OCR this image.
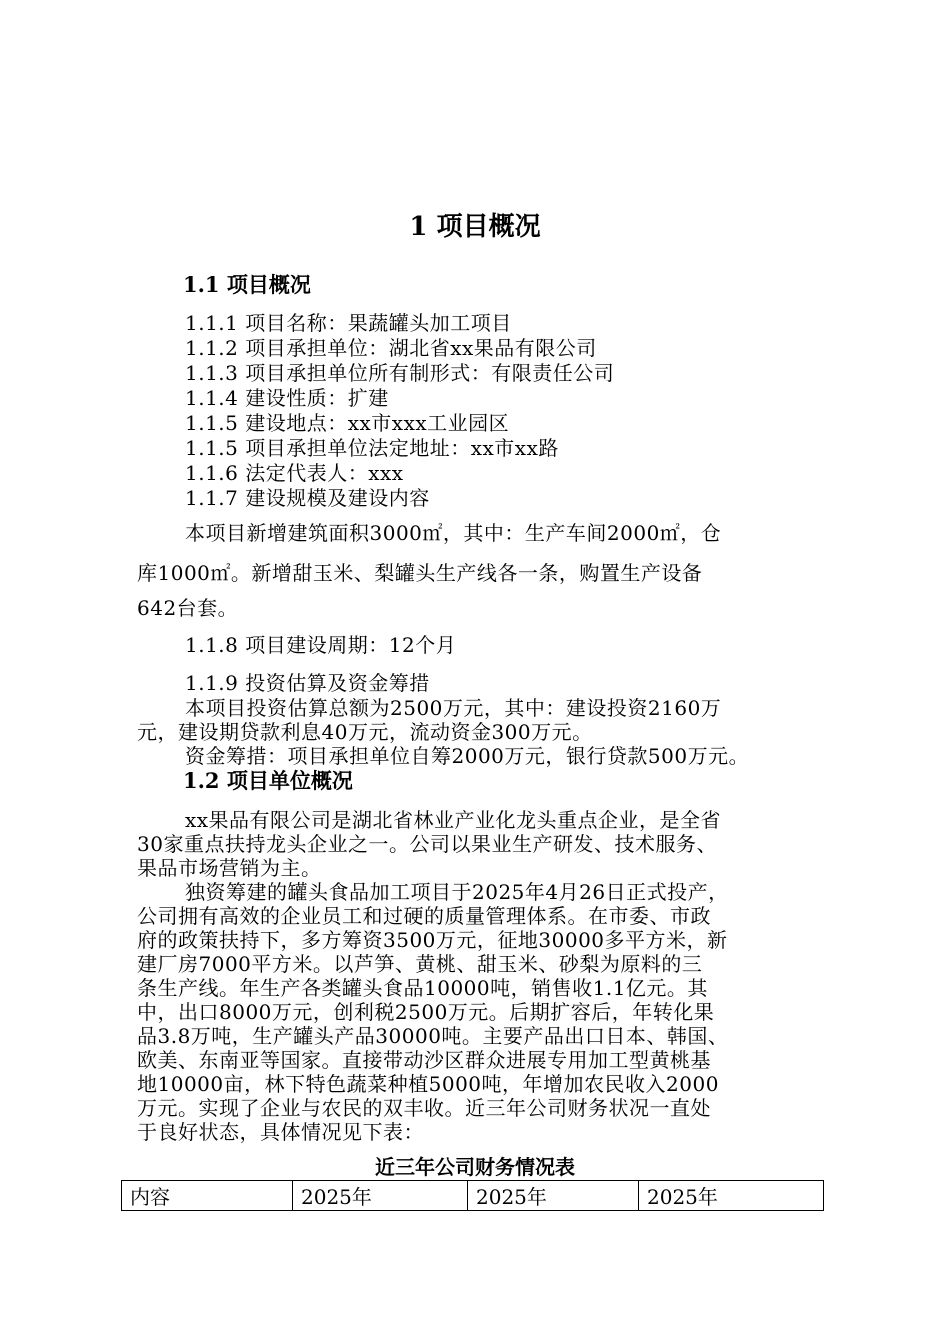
1 项目概况
1.1 项目概况
1.1.1 项目名称：果蔬罐头加工项目
1.1.2 项目承担单位：湖北省xx果品有限公司
1.1.3 项目承担单位所有制形式：有限责任公司
1.1.4 建设性质：扩建
1.1.5 建设地点：xx市xxx工业园区
1.1.5 项目承担单位法定地址：xx市xx路
1.1.6 法定代表人：xxx
1.1.7 建设规模及建设内容
本项目新增建筑面积3000㎡，其中：生产车间2000㎡，仓
库1000㎡。新增甜玉米、梨罐头生产线各一条，购置生产设备
642台套。
1.1.8 项目建设周期：12个月
1.1.9 投资估算及资金筹措
本项目投资估算总额为2500万元，其中：建设投资2160万
元，建设期贷款利息40万元，流动资金300万元。
资金筹措：项目承担单位自筹2000万元，银行贷款500万元。
1.2 项目单位概况
xx果品有限公司是湖北省林业产业化龙头重点企业，是全省
30家重点扶持龙头企业之一。公司以果业生产研发、技术服务、
果品市场营销为主。
独资筹建的罐头食品加工项目于2025年4月26日正式投产，
公司拥有高效的企业员工和过硬的质量管理体系。在市委、市政
府的政策扶持下，多方筹资3500万元，征地30000多平方米，新
建厂房7000平方米。以芦笋、黄桃、甜玉米、砂梨为原料的三
条生产线。年生产各类罐头食品10000吨，销售收1.1亿元。其
中，出口8000万元，创利税2500万元。后期扩容后，年转化果
品3.8万吨，生产罐头产品30000吨。主要产品出口日本、韩国、
欧美、东南亚等国家。直接带动沙区群众进展专用加工型黄桃基
地10000亩，林下特色蔬菜种植5000吨，年增加农民收入2000
万元。实现了企业与农民的双丰收。近三年公司财务状况一直处
于良好状态，具体情况见下表：
近三年公司财务情况表
内容	2025年	2025年	2025年
